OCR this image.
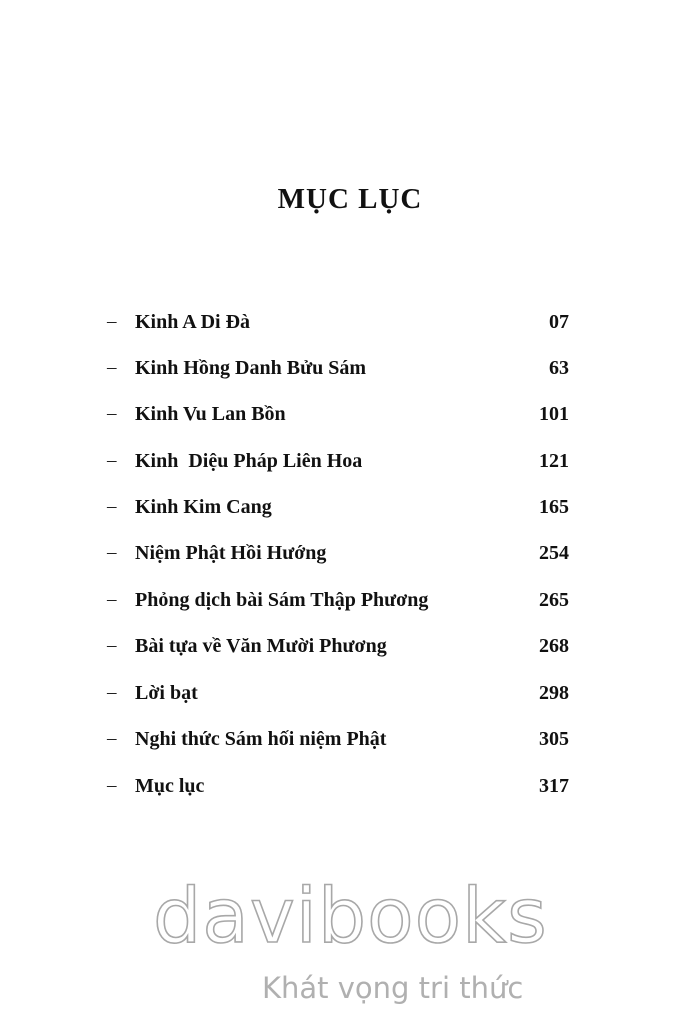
MỤC LỤC
– Kinh A Di Đà	07
– Kinh Hồng Danh Bửu Sám	63
– Kinh Vu Lan Bồn	101
– Kinh  Diệu Pháp Liên Hoa	121
– Kinh Kim Cang	165
– Niệm Phật Hồi Hướng	254
– Phỏng dịch bài Sám Thập Phương	265
– Bài tựa về Văn Mười Phương	268
– Lời bạt	298
– Nghi thức Sám hối niệm Phật	305
– Mục lục	317
davibooks
Khát vọng tri thức
